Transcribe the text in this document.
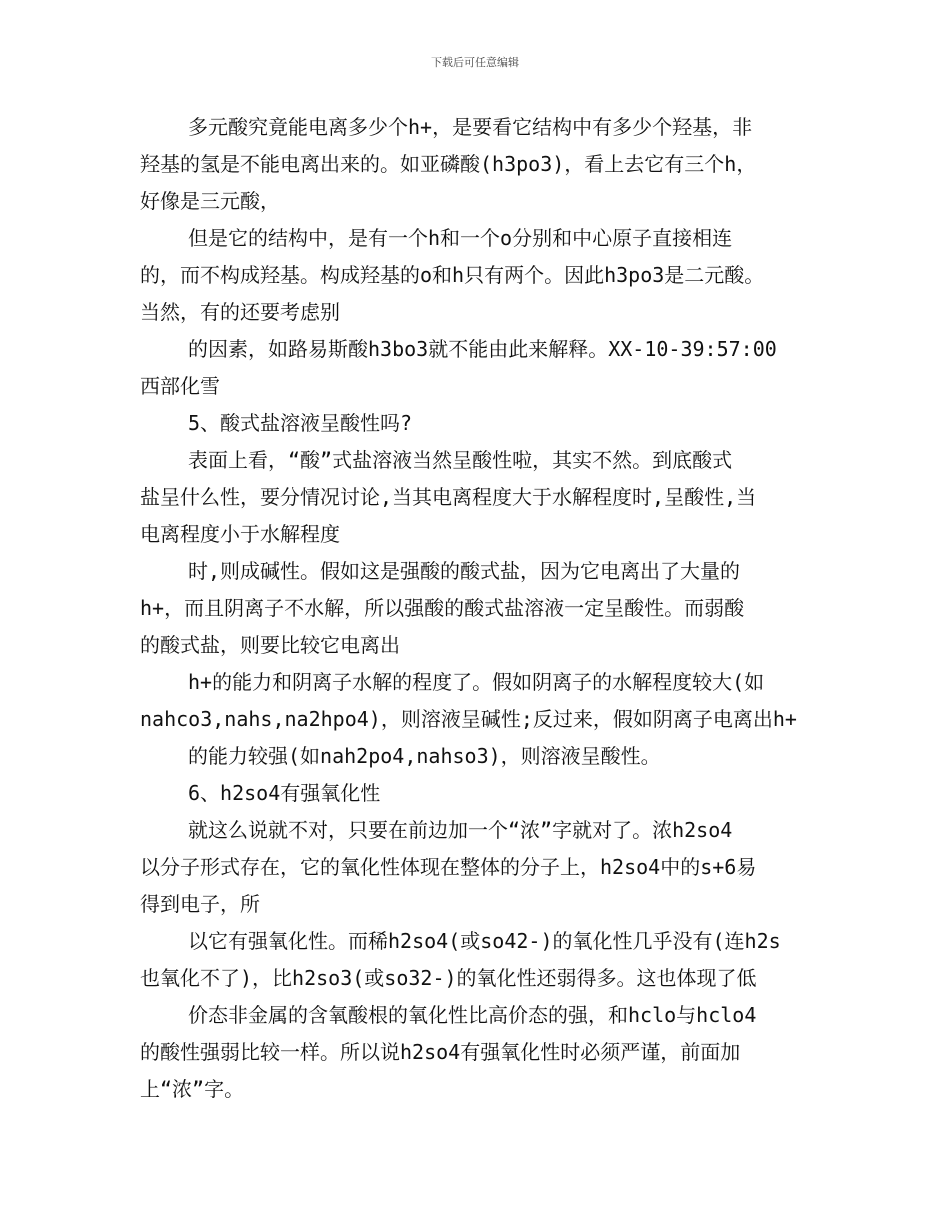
下载后可任意编辑
多元酸究竟能电离多少个h+，是要看它结构中有多少个羟基，非
羟基的氢是不能电离出来的。如亚磷酸(h3po3)，看上去它有三个h，
好像是三元酸，
但是它的结构中，是有一个h和一个o分别和中心原子直接相连
的，而不构成羟基。构成羟基的o和h只有两个。因此h3po3是二元酸。
当然，有的还要考虑别
的因素，如路易斯酸h3bo3就不能由此来解释。XX-10-39:57:00
西部化雪
5、酸式盐溶液呈酸性吗?
表面上看，“酸”式盐溶液当然呈酸性啦，其实不然。到底酸式
盐呈什么性，要分情况讨论,当其电离程度大于水解程度时,呈酸性,当
电离程度小于水解程度
时,则成碱性。假如这是强酸的酸式盐，因为它电离出了大量的
h+，而且阴离子不水解，所以强酸的酸式盐溶液一定呈酸性。而弱酸
的酸式盐，则要比较它电离出
h+的能力和阴离子水解的程度了。假如阴离子的水解程度较大(如
nahco3,nahs,na2hpo4)，则溶液呈碱性;反过来，假如阴离子电离出h+
的能力较强(如nah2po4,nahso3)，则溶液呈酸性。
6、h2so4有强氧化性
就这么说就不对，只要在前边加一个“浓”字就对了。浓h2so4
以分子形式存在，它的氧化性体现在整体的分子上，h2so4中的s+6易
得到电子，所
以它有强氧化性。而稀h2so4(或so42-)的氧化性几乎没有(连h2s
也氧化不了)，比h2so3(或so32-)的氧化性还弱得多。这也体现了低
价态非金属的含氧酸根的氧化性比高价态的强，和hclo与hclo4
的酸性强弱比较一样。所以说h2so4有强氧化性时必须严谨，前面加
上“浓”字。
